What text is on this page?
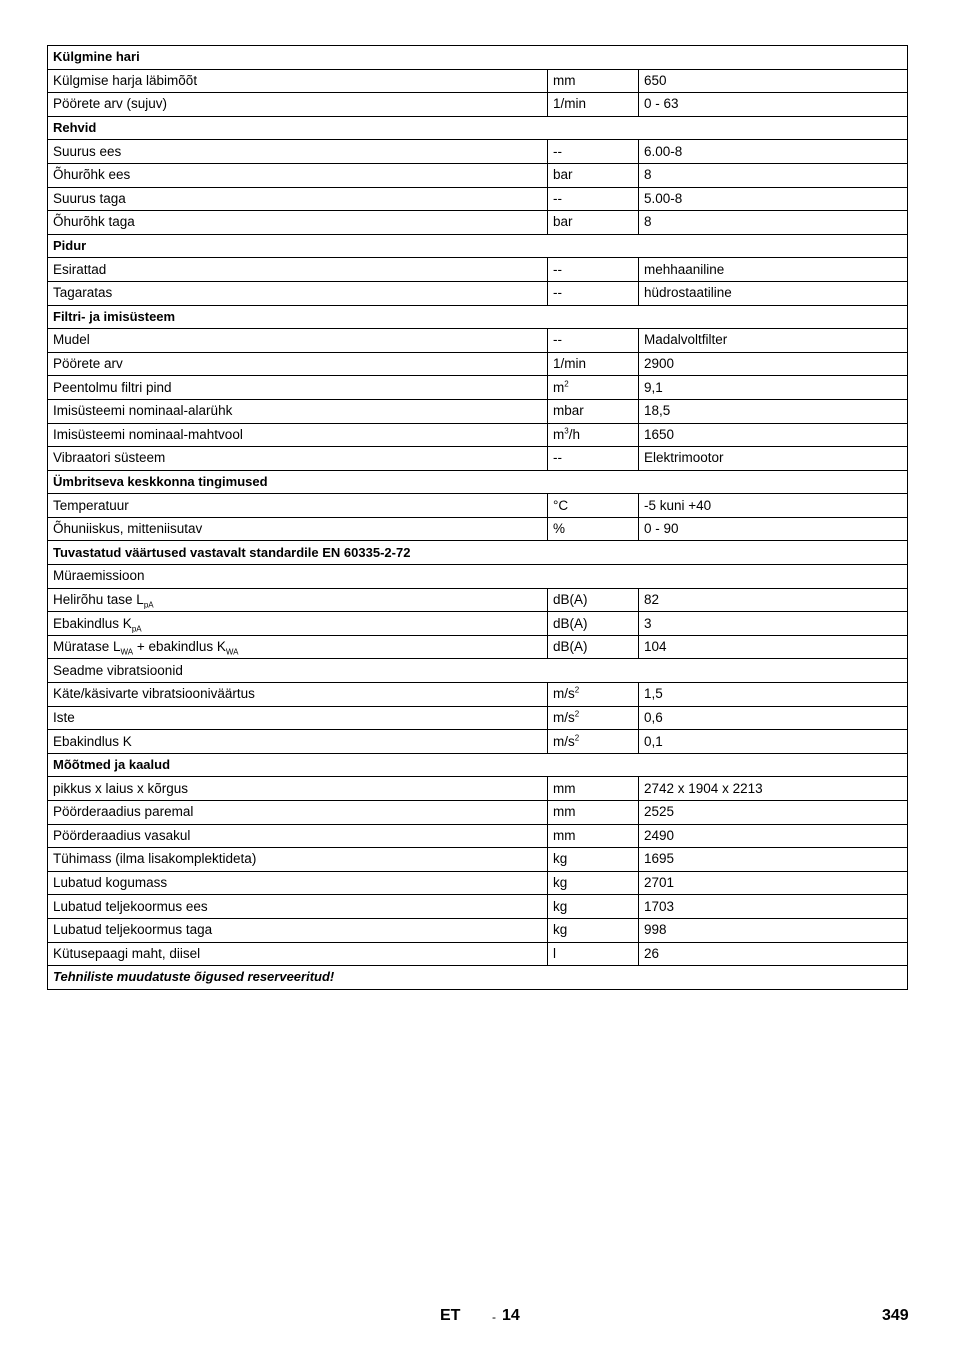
Külgmine hari		
Külgmise harja läbimõõt	mm	650
Pöörete arv (sujuv)	1/min	0 - 63
Rehvid		
Suurus ees	--	6.00-8
Õhurõhk ees	bar	8
Suurus taga	--	5.00-8
Õhurõhk taga	bar	8
Pidur		
Esirattad	--	mehhaaniline
Tagaratas	--	hüdrostaatiline
Filtri- ja imisüsteem		
Mudel	--	Madalvoltfilter
Pöörete arv	1/min	2900
Peentolmu filtri pind	$m^2$	9,1
Imisüsteemi nominaal-alarühk	mbar	18,5
Imisüsteemi nominaal-mahtvool	$m^3/h$	1650
Vibraatori süsteem	--	Elektrimootor
Ümbritseva keskkonna tingimused		
Temperatuur	°C	-5 kuni +40
Õhuniiskus, mitteniisutav	%	0 - 90
Tuvastatud väärtused vastavalt standardile EN 60335-2-72		
Müraemissioon		
Helirõhu tase $L_{pA}$	dB(A)	82
Ebakindlus $K_{pA}$	dB(A)	3
Müratase $L_{WA}$ + ebakindlus $K_{WA}$	dB(A)	104
Seadme vibratsioonid		
Käte/käsivarte vibratsiooniväärtus	$m/s^2$	1,5
Iste	$m/s^2$	0,6
Ebakindlus K	$m/s^2$	0,1
Mõõtmed ja kaalud		
pikkus x laius x kõrgus	mm	2742 x 1904 x 2213
Pöörderaadius paremal	mm	2525
Pöörderaadius vasakul	mm	2490
Tühimass (ilma lisakomplektideta)	kg	1695
Lubatud kogumass	kg	2701
Lubatud teljekoormus ees	kg	1703
Lubatud teljekoormus taga	kg	998
Kütusepaagi maht, diisel	l	26
Tehniliste muudatuste õigused reserveeritud!		
ET	- 14	349
